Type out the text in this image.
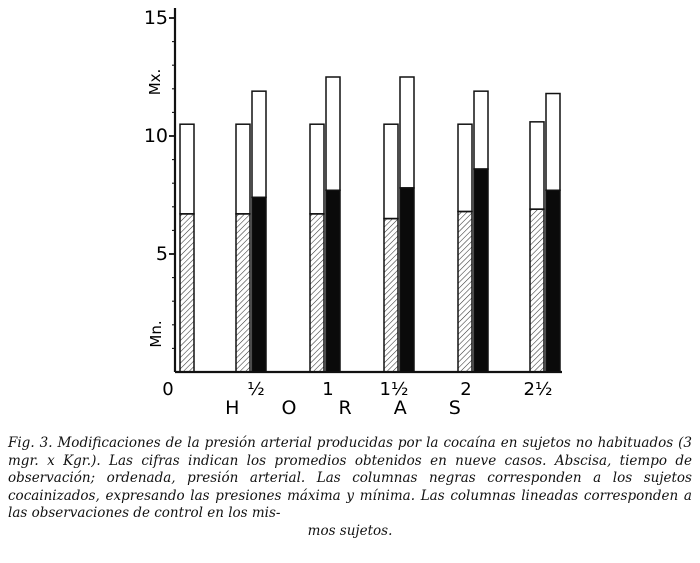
5
10
15
0	½	1	1½	2	2½
Mx.
Mn.
H O R A S
Fig. 3. Modificaciones de la presión arterial producidas por la cocaína en sujetos no habituados (3 mgr. x Kgr.). Las cifras indican los promedios obtenidos en nueve casos. Abscisa, tiempo de observación; ordenada, presión arterial. Las columnas negras corresponden a los sujetos cocainizados, expresando las presiones máxima y mínima. Las columnas lineadas corresponden a las observaciones de control en los mis-
mos sujetos.
